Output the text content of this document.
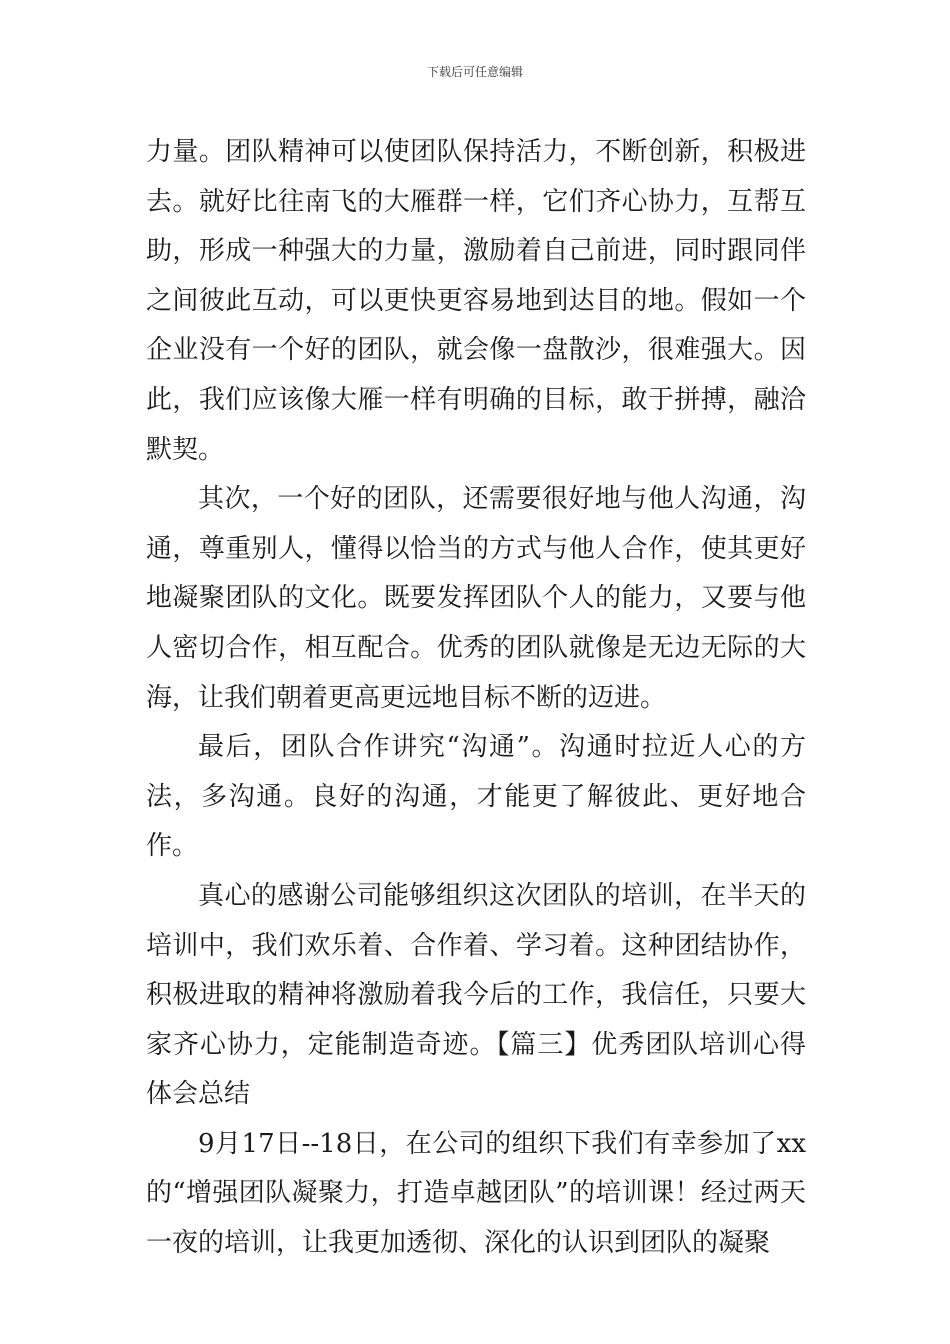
下载后可任意编辑

力量。团队精神可以使团队保持活力，不断创新，积极进去。就好比往南飞的大雁群一样，它们齐心协力，互帮互助，形成一种强大的力量，激励着自己前进，同时跟同伴之间彼此互动，可以更快更容易地到达目的地。假如一个企业没有一个好的团队，就会像一盘散沙，很难强大。因此，我们应该像大雁一样有明确的目标，敢于拼搏，融洽默契。

其次，一个好的团队，还需要很好地与他人沟通，沟通，尊重别人，懂得以恰当的方式与他人合作，使其更好地凝聚团队的文化。既要发挥团队个人的能力，又要与他人密切合作，相互配合。优秀的团队就像是无边无际的大海，让我们朝着更高更远地目标不断的迈进。

最后，团队合作讲究“沟通”。沟通时拉近人心的方法，多沟通。良好的沟通，才能更了解彼此、更好地合作。

真心的感谢公司能够组织这次团队的培训，在半天的培训中，我们欢乐着、合作着、学习着。这种团结协作，积极进取的精神将激励着我今后的工作，我信任，只要大家齐心协力，定能制造奇迹。【篇三】优秀团队培训心得体会总结

9月17日--18日，在公司的组织下我们有幸参加了xx的“增强团队凝聚力，打造卓越团队”的培训课！经过两天一夜的培训，让我更加透彻、深化的认识到团队的凝聚
